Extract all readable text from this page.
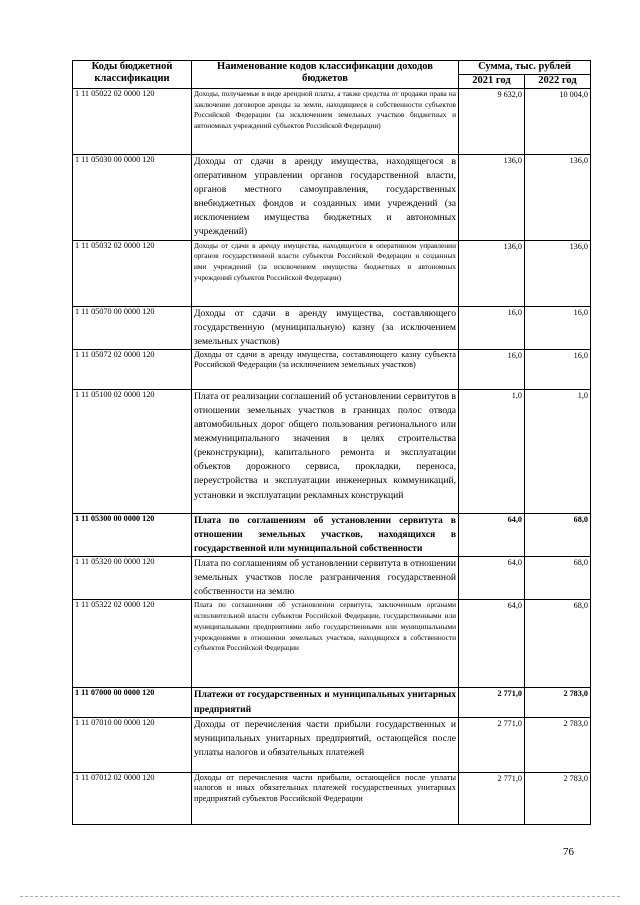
Коды бюджетной классификации	Наименование кодов классификации доходов бюджетов	Сумма, тыс. рублей	
		2021 год	2022 год
1 11 05022 02 0000 120	Доходы, получаемые в виде арендной платы, а также средства от продажи права на заключение договоров аренды за земли, находящиеся в собственности субъектов Российской Федерации (за исключением земельных участков бюджетных и автономных учреждений субъектов Российской Федерации)	9 632,0	10 004,0
1 11 05030 00 0000 120	Доходы от сдачи в аренду имущества, находящегося в оперативном управлении органов государственной власти, органов местного самоуправления, государственных внебюджетных фондов и созданных ими учреждений (за исключением имущества бюджетных и автономных учреждений)	136,0	136,0
1 11 05032 02 0000 120	Доходы от сдачи в аренду имущества, находящегося в оперативном управлении органов государственной власти субъектов Российской Федерации и созданных ими учреждений (за исключением имущества бюджетных и автономных учреждений субъектов Российской Федерации)	136,0	136,0
1 11 05070 00 0000 120	Доходы от сдачи в аренду имущества, составляющего государственную (муниципальную) казну (за исключением земельных участков)	16,0	16,0
1 11 05072 02 0000 120	Доходы от сдачи в аренду имущества, составляющего казну субъекта Российской Федерации (за исключением земельных участков)	16,0	16,0
1 11 05100 02 0000 120	Плата от реализации соглашений об установлении сервитутов в отношении земельных участков в границах полос отвода автомобильных дорог общего пользования регионального или межмуниципального значения в целях строительства (реконструкции), капитального ремонта и эксплуатации объектов дорожного сервиса, прокладки, переноса, переустройства и эксплуатации инженерных коммуникаций, установки и эксплуатации рекламных конструкций	1,0	1,0
1 11 05300 00 0000 120	Плата по соглашениям об установлении сервитута в отношении земельных участков, находящихся в государственной или муниципальной собственности	64,0	68,0
1 11 05320 00 0000 120	Плата по соглашениям об установлении сервитута в отношении земельных участков после разграничения государственной собственности на землю	64,0	68,0
1 11 05322 02 0000 120	Плата по соглашениям об установлении сервитута, заключенным органами исполнительной власти субъектов Российской Федерации, государственными или муниципальными предприятиями либо государственными или муниципальными учреждениями в отношении земельных участков, находящихся в собственности субъектов Российской Федерации	64,0	68,0
1 11 07000 00 0000 120	Платежи от государственных и муниципальных унитарных предприятий	2 771,0	2 783,0
1 11 07010 00 0000 120	Доходы от перечисления части прибыли государственных и муниципальных унитарных предприятий, остающейся после уплаты налогов и обязательных платежей	2 771,0	2 783,0
1 11 07012 02 0000 120	Доходы от перечисления части прибыли, остающейся после уплаты налогов и иных обязательных платежей государственных унитарных предприятий субъектов Российской Федерации	2 771,0	2 783,0
76
